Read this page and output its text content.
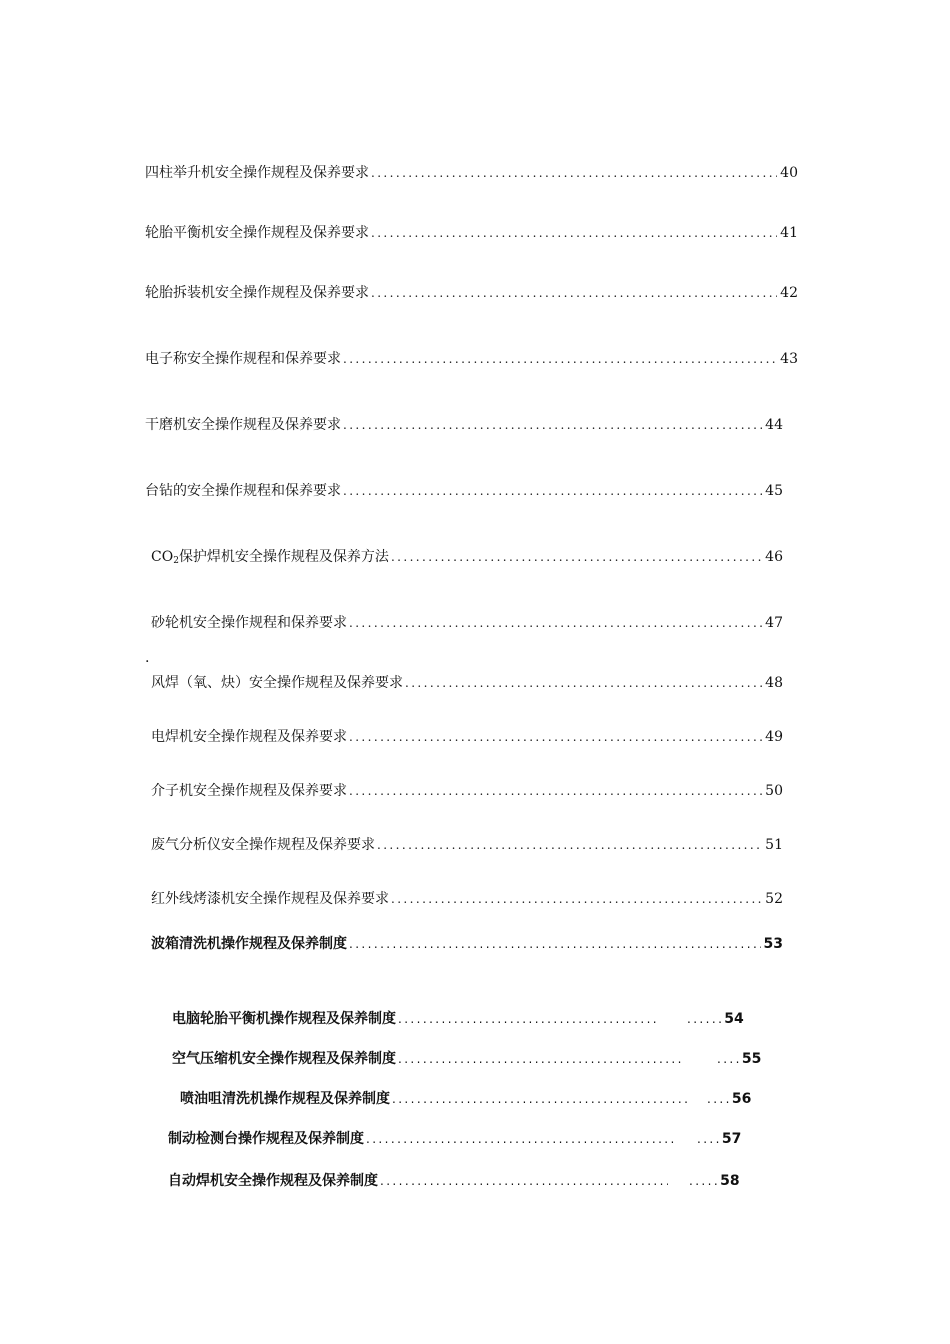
四柱举升机安全操作规程及保养要求 .....	40
轮胎平衡机安全操作规程及保养要求 .....	41
轮胎拆装机安全操作规程及保养要求 .....	42
电子称安全操作规程和保养要求 .....	43
干磨机安全操作规程及保养要求 .....	44
台钻的安全操作规程和保养要求 .....	45
$CO_2$保护焊机安全操作规程及保养方法 .....	46
砂轮机安全操作规程和保养要求 .....	47
.
风焊（氧、炔）安全操作规程及保养要求 .....	48
电焊机安全操作规程及保养要求 .....	49
介子机安全操作规程及保养要求 .....	50
废气分析仪安全操作规程及保养要求 .....	51
红外线烤漆机安全操作规程及保养要求 .....	52
波箱清洗机操作规程及保养制度 .....	53
电脑轮胎平衡机操作规程及保养制度 .....	...... 54
空气压缩机安全操作规程及保养制度 .....	.... 55
喷油咀清洗机操作规程及保养制度 .....	.... 56
制动检测台操作规程及保养制度 .....	.... 57
自动焊机安全操作规程及保养制度 .....	..... 58
